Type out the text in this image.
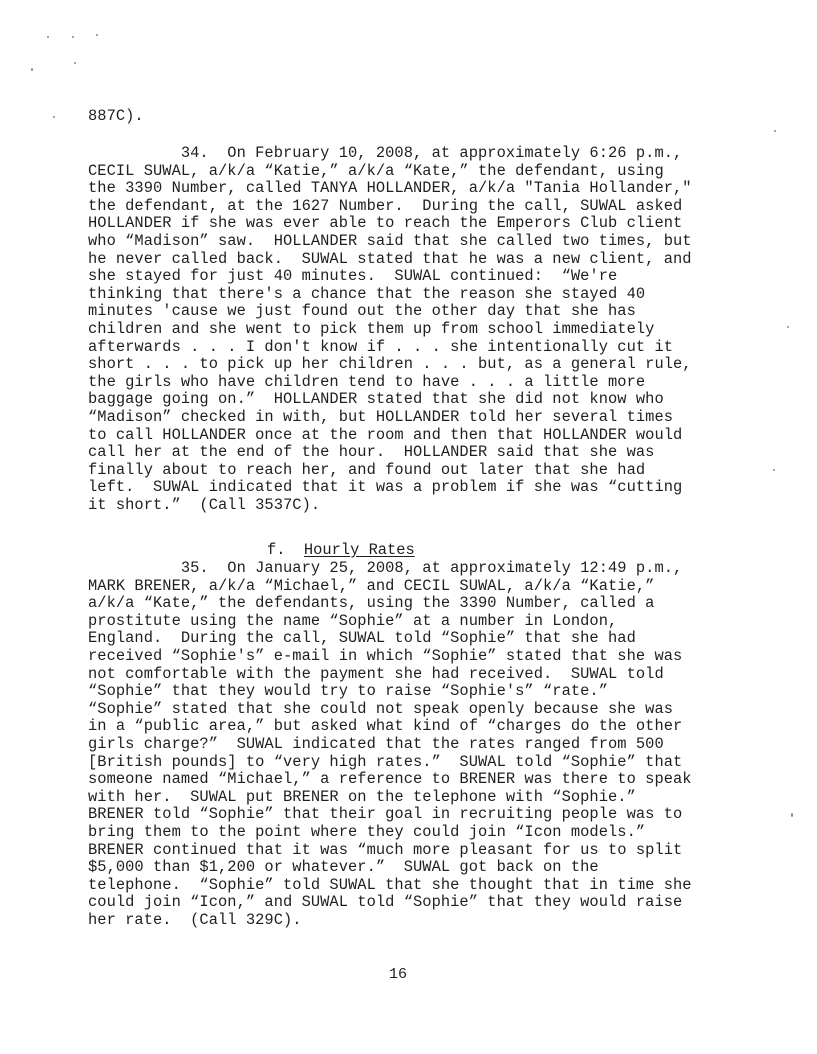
887C).
34.  On February 10, 2008, at approximately 6:26 p.m.,
CECIL SUWAL, a/k/a “Katie,” a/k/a “Kate,” the defendant, using
the 3390 Number, called TANYA HOLLANDER, a/k/a "Tania Hollander,"
the defendant, at the 1627 Number.  During the call, SUWAL asked
HOLLANDER if she was ever able to reach the Emperors Club client
who “Madison” saw.  HOLLANDER said that she called two times, but
he never called back.  SUWAL stated that he was a new client, and
she stayed for just 40 minutes.  SUWAL continued:  “We're
thinking that there's a chance that the reason she stayed 40
minutes 'cause we just found out the other day that she has
children and she went to pick them up from school immediately
afterwards . . . I don't know if . . . she intentionally cut it
short . . . to pick up her children . . . but, as a general rule,
the girls who have children tend to have . . . a little more
baggage going on.”  HOLLANDER stated that she did not know who
“Madison” checked in with, but HOLLANDER told her several times
to call HOLLANDER once at the room and then that HOLLANDER would
call her at the end of the hour.  HOLLANDER said that she was
finally about to reach her, and found out later that she had
left.  SUWAL indicated that it was a problem if she was “cutting
it short.”  (Call 3537C).

f. Hourly Rates

35.  On January 25, 2008, at approximately 12:49 p.m.,
MARK BRENER, a/k/a “Michael,” and CECIL SUWAL, a/k/a “Katie,”
a/k/a “Kate,” the defendants, using the 3390 Number, called a
prostitute using the name “Sophie” at a number in London,
England.  During the call, SUWAL told “Sophie” that she had
received “Sophie's” e-mail in which “Sophie” stated that she was
not comfortable with the payment she had received.  SUWAL told
“Sophie” that they would try to raise “Sophie's” “rate.”
“Sophie” stated that she could not speak openly because she was
in a “public area,” but asked what kind of “charges do the other
girls charge?”  SUWAL indicated that the rates ranged from 500
[British pounds] to “very high rates.”  SUWAL told “Sophie” that
someone named “Michael,” a reference to BRENER was there to speak
with her.  SUWAL put BRENER on the telephone with “Sophie.”
BRENER told “Sophie” that their goal in recruiting people was to
bring them to the point where they could join “Icon models.”
BRENER continued that it was “much more pleasant for us to split
$5,000 than $1,200 or whatever.”  SUWAL got back on the
telephone.  “Sophie” told SUWAL that she thought that in time she
could join “Icon,” and SUWAL told “Sophie” that they would raise
her rate.  (Call 329C).
16
